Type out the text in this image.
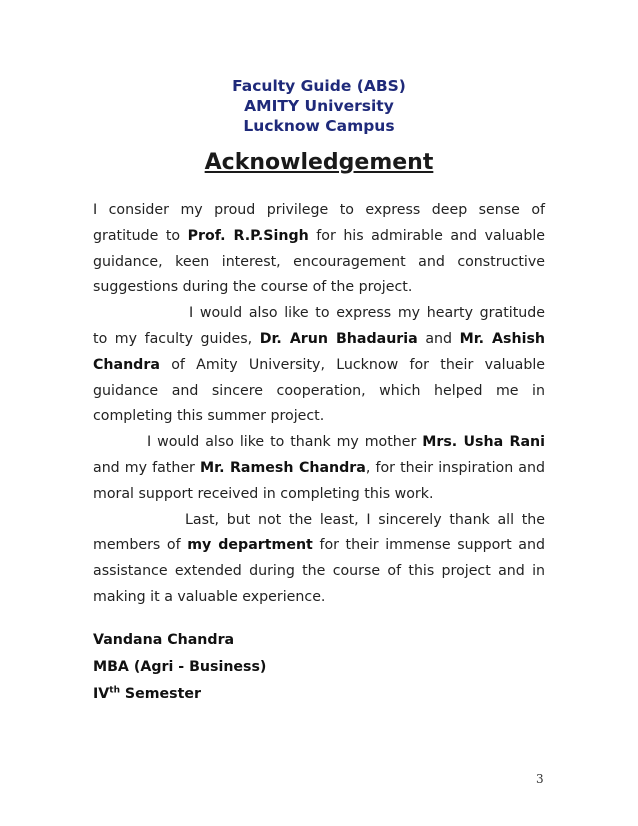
Faculty Guide (ABS)
AMITY University
Lucknow Campus
Acknowledgement

I consider my proud privilege to express deep sense of gratitude to Prof. R.P.Singh for his admirable and valuable guidance, keen interest, encouragement and constructive suggestions during the course of the project.

I would also like to express my hearty gratitude to my faculty guides, Dr. Arun Bhadauria and Mr. Ashish Chandra of Amity University, Lucknow for their valuable guidance and sincere cooperation, which helped me in completing this summer project.

I would also like to thank my mother Mrs. Usha Rani and my father Mr. Ramesh Chandra, for their inspiration and moral support received in completing this work.

Last, but not the least, I sincerely thank all the members of my department for their immense support and assistance extended during the course of this project and in making it a valuable experience.

Vandana Chandra
MBA (Agri - Business)
IVth Semester
3
